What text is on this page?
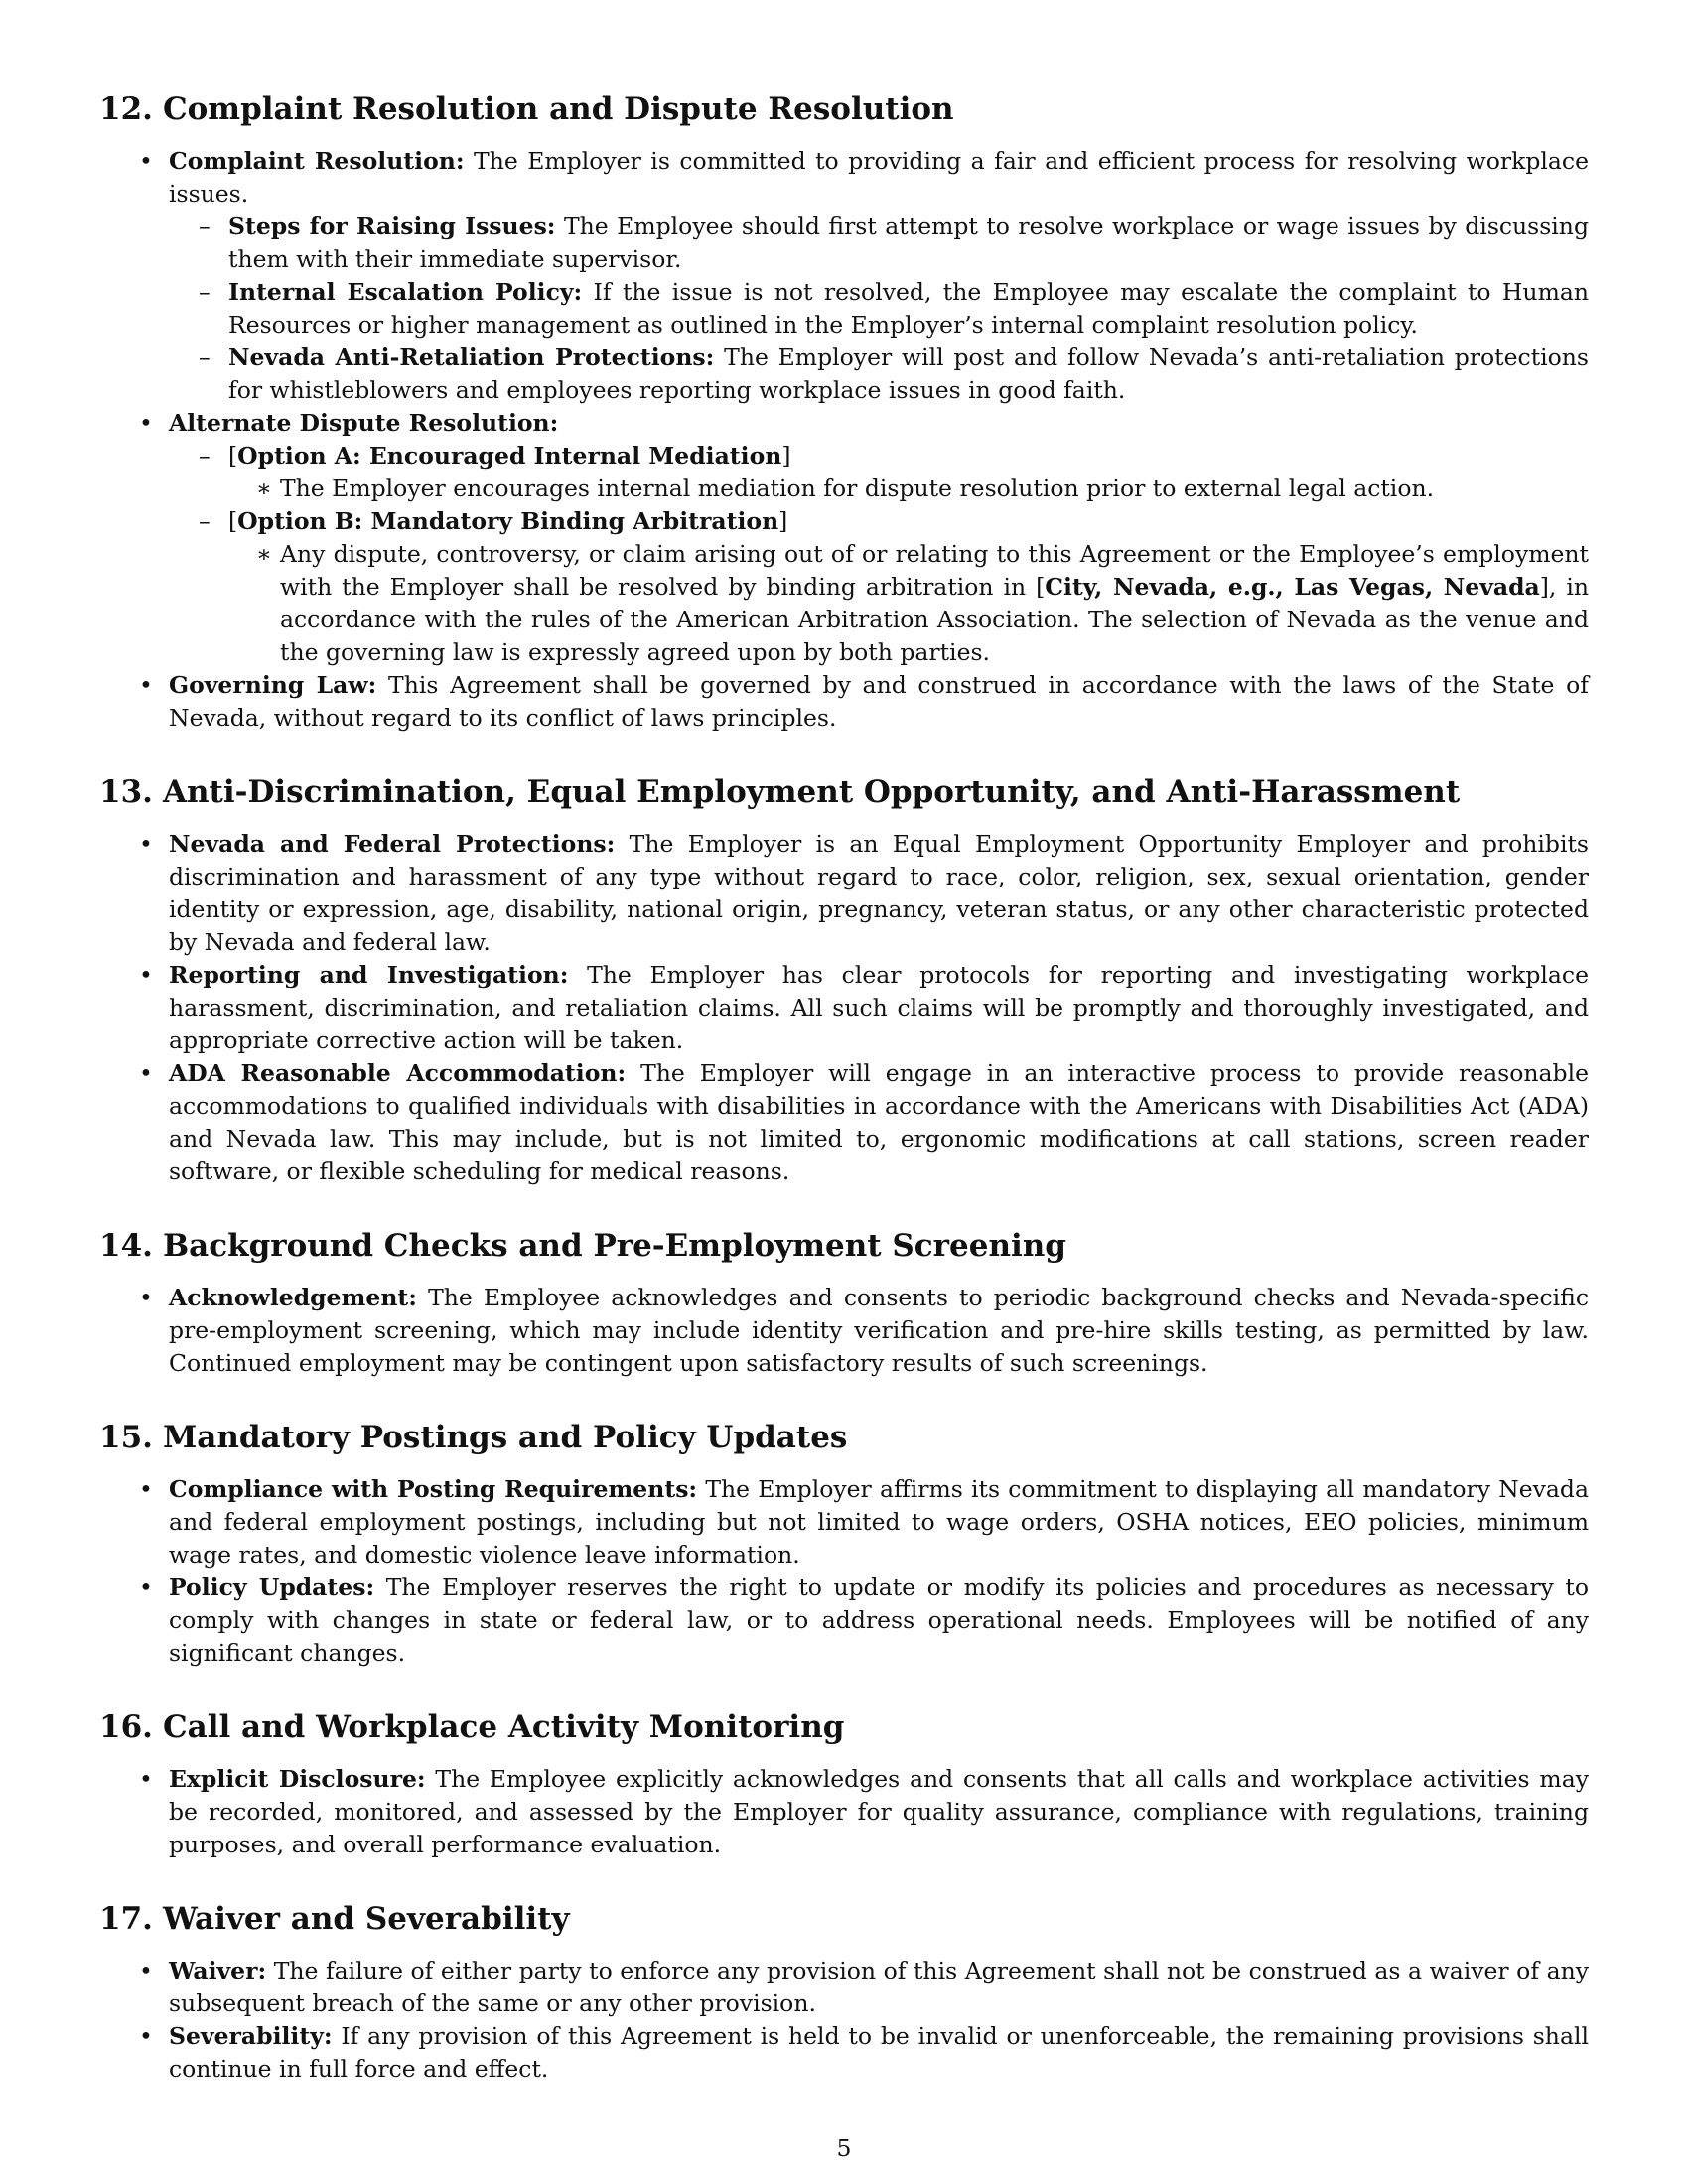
12. Complaint Resolution and Dispute Resolution
• Complaint Resolution: The Employer is committed to providing a fair and efficient process for resolving workplace issues.
– Steps for Raising Issues: The Employee should first attempt to resolve workplace or wage issues by discussing them with their immediate supervisor.
– Internal Escalation Policy: If the issue is not resolved, the Employee may escalate the complaint to Human Resources or higher management as outlined in the Employer’s internal complaint resolution policy.
– Nevada Anti-Retaliation Protections: The Employer will post and follow Nevada’s anti-retaliation protections for whistleblowers and employees reporting workplace issues in good faith.
• Alternate Dispute Resolution:
– [Option A: Encouraged Internal Mediation]
∗ The Employer encourages internal mediation for dispute resolution prior to external legal action.
– [Option B: Mandatory Binding Arbitration]
∗ Any dispute, controversy, or claim arising out of or relating to this Agreement or the Employee’s employment with the Employer shall be resolved by binding arbitration in [City, Nevada, e.g., Las Vegas, Nevada], in accordance with the rules of the American Arbitration Association. The selection of Nevada as the venue and the governing law is expressly agreed upon by both parties.
• Governing Law: This Agreement shall be governed by and construed in accordance with the laws of the State of Nevada, without regard to its conflict of laws principles.
13. Anti-Discrimination, Equal Employment Opportunity, and Anti-Harassment
• Nevada and Federal Protections: The Employer is an Equal Employment Opportunity Employer and prohibits discrimination and harassment of any type without regard to race, color, religion, sex, sexual orientation, gender identity or expression, age, disability, national origin, pregnancy, veteran status, or any other characteristic protected by Nevada and federal law.
• Reporting and Investigation: The Employer has clear protocols for reporting and investigating workplace harassment, discrimination, and retaliation claims. All such claims will be promptly and thoroughly investigated, and appropriate corrective action will be taken.
• ADA Reasonable Accommodation: The Employer will engage in an interactive process to provide reasonable accommodations to qualified individuals with disabilities in accordance with the Americans with Disabilities Act (ADA) and Nevada law. This may include, but is not limited to, ergonomic modifications at call stations, screen reader software, or flexible scheduling for medical reasons.
14. Background Checks and Pre-Employment Screening
• Acknowledgement: The Employee acknowledges and consents to periodic background checks and Nevada-specific pre-employment screening, which may include identity verification and pre-hire skills testing, as permitted by law. Continued employment may be contingent upon satisfactory results of such screenings.
15. Mandatory Postings and Policy Updates
• Compliance with Posting Requirements: The Employer affirms its commitment to displaying all mandatory Nevada and federal employment postings, including but not limited to wage orders, OSHA notices, EEO policies, minimum wage rates, and domestic violence leave information.
• Policy Updates: The Employer reserves the right to update or modify its policies and procedures as necessary to comply with changes in state or federal law, or to address operational needs. Employees will be notified of any significant changes.
16. Call and Workplace Activity Monitoring
• Explicit Disclosure: The Employee explicitly acknowledges and consents that all calls and workplace activities may be recorded, monitored, and assessed by the Employer for quality assurance, compliance with regulations, training purposes, and overall performance evaluation.
17. Waiver and Severability
• Waiver: The failure of either party to enforce any provision of this Agreement shall not be construed as a waiver of any subsequent breach of the same or any other provision.
• Severability: If any provision of this Agreement is held to be invalid or unenforceable, the remaining provisions shall continue in full force and effect.
5
